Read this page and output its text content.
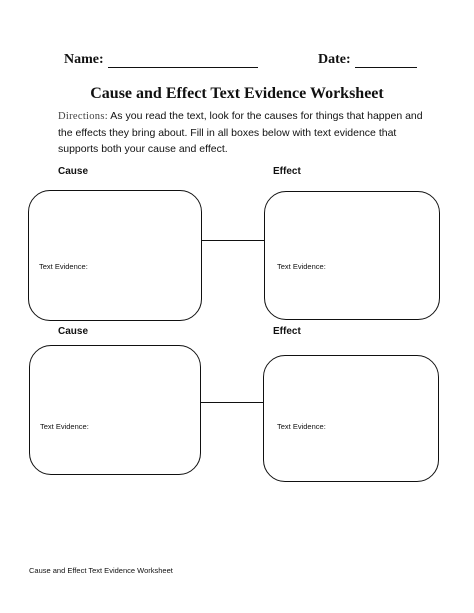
Name:	Date:
Cause and Effect Text Evidence Worksheet
Directions: As you read the text, look for the causes for things that happen and the effects they bring about. Fill in all boxes below with text evidence that supports both your cause and effect.
Cause	Effect
Text Evidence:	Text Evidence:
Cause	Effect
Text Evidence:	Text Evidence:
Cause and Effect Text Evidence Worksheet
